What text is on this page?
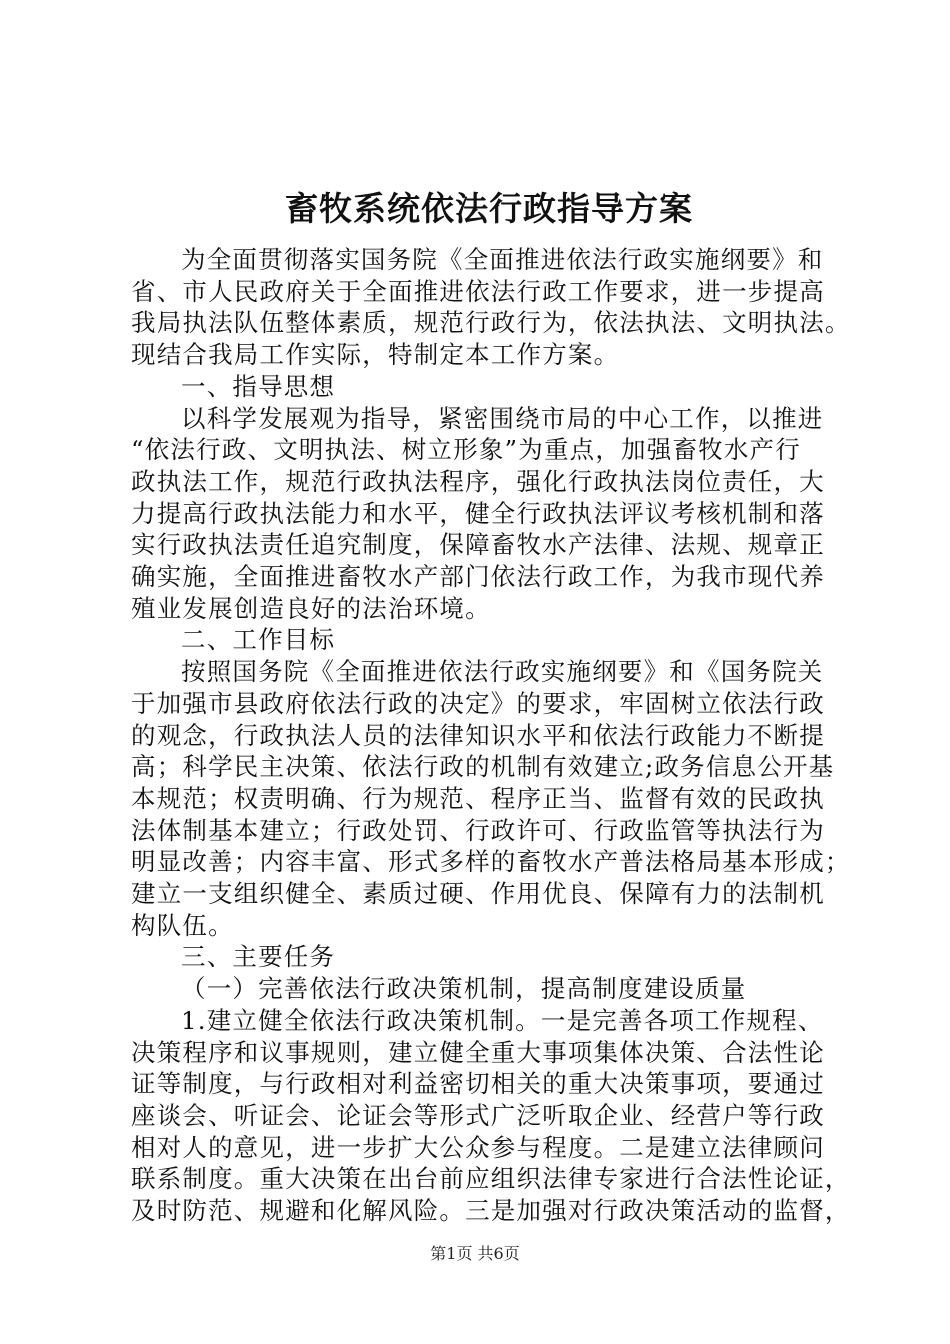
畜牧系统依法行政指导方案

为全面贯彻落实国务院《全面推进依法行政实施纲要》和

省、市人民政府关于全面推进依法行政工作要求，进一步提高

我局执法队伍整体素质，规范行政行为，依法执法、文明执法。

现结合我局工作实际，特制定本工作方案。

一、指导思想

以科学发展观为指导，紧密围绕市局的中心工作，以推进

“依法行政、文明执法、树立形象”为重点，加强畜牧水产行

政执法工作，规范行政执法程序，强化行政执法岗位责任，大

力提高行政执法能力和水平，健全行政执法评议考核机制和落

实行政执法责任追究制度，保障畜牧水产法律、法规、规章正

确实施，全面推进畜牧水产部门依法行政工作，为我市现代养

殖业发展创造良好的法治环境。

二、工作目标

按照国务院《全面推进依法行政实施纲要》和《国务院关

于加强市县政府依法行政的决定》的要求，牢固树立依法行政

的观念，行政执法人员的法律知识水平和依法行政能力不断提

高；科学民主决策、依法行政的机制有效建立;政务信息公开基

本规范；权责明确、行为规范、程序正当、监督有效的民政执

法体制基本建立；行政处罚、行政许可、行政监管等执法行为

明显改善；内容丰富、形式多样的畜牧水产普法格局基本形成；

建立一支组织健全、素质过硬、作用优良、保障有力的法制机

构队伍。

三、主要任务

（一）完善依法行政决策机制，提高制度建设质量

1.建立健全依法行政决策机制。一是完善各项工作规程、

决策程序和议事规则，建立健全重大事项集体决策、合法性论

证等制度，与行政相对利益密切相关的重大决策事项，要通过

座谈会、听证会、论证会等形式广泛听取企业、经营户等行政

相对人的意见，进一步扩大公众参与程度。二是建立法律顾问

联系制度。重大决策在出台前应组织法律专家进行合法性论证，

及时防范、规避和化解风险。三是加强对行政决策活动的监督，

第1页 共6页
